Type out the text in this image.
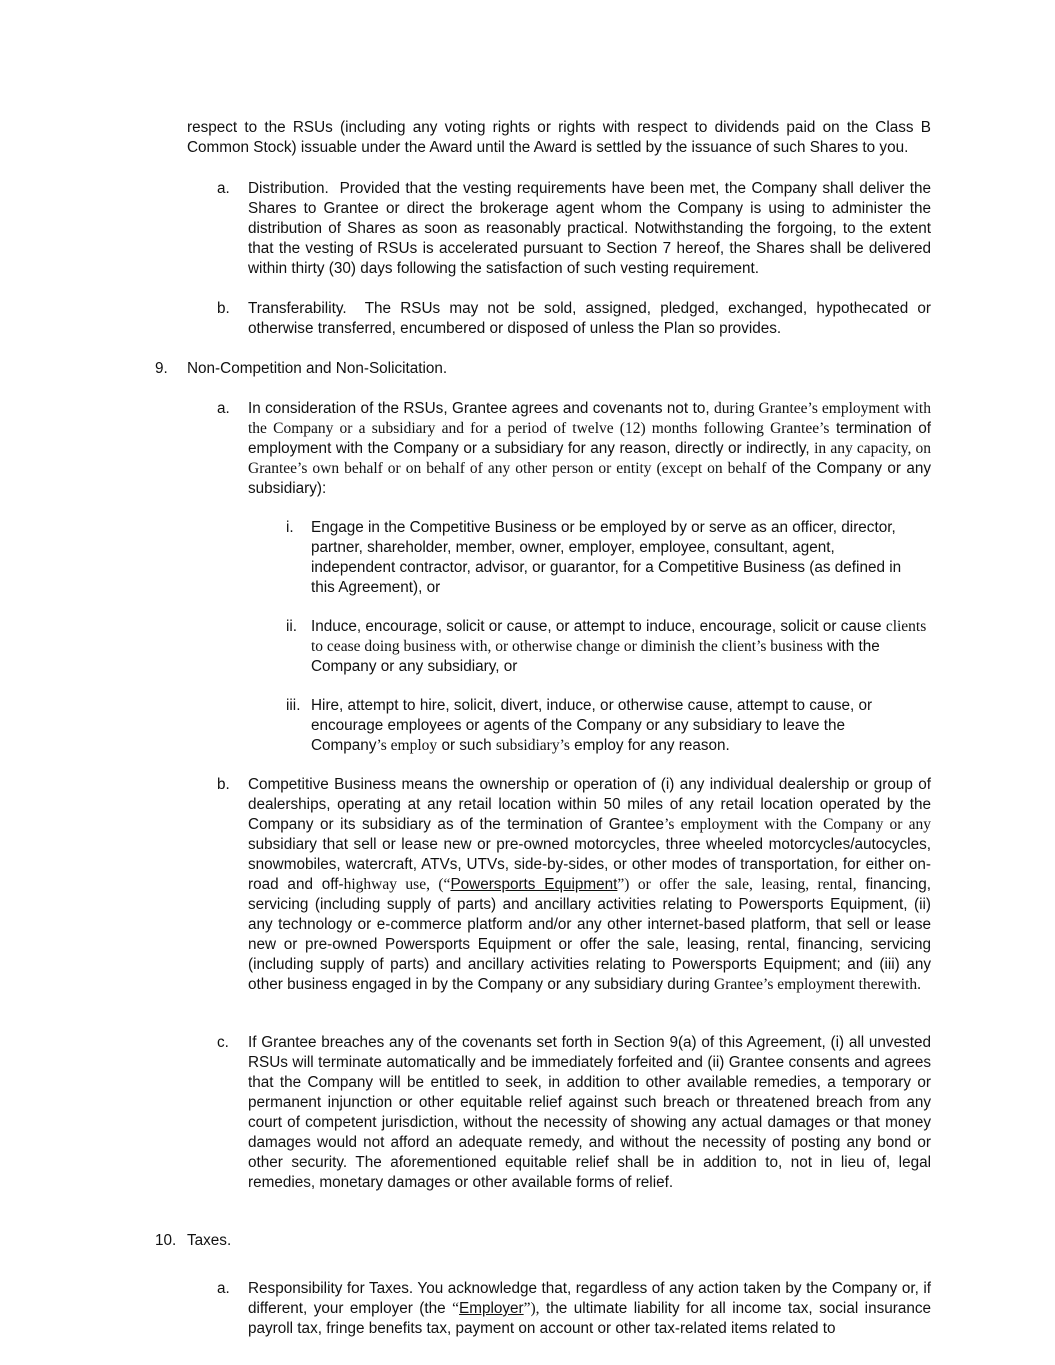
respect to the RSUs (including any voting rights or rights with respect to dividends paid on the Class B Common Stock) issuable under the Award until the Award is settled by the issuance of such Shares to you.
a. Distribution. Provided that the vesting requirements have been met, the Company shall deliver the Shares to Grantee or direct the brokerage agent whom the Company is using to administer the distribution of Shares as soon as reasonably practical. Notwithstanding the forgoing, to the extent that the vesting of RSUs is accelerated pursuant to Section 7 hereof, the Shares shall be delivered within thirty (30) days following the satisfaction of such vesting requirement.
b. Transferability. The RSUs may not be sold, assigned, pledged, exchanged, hypothecated or otherwise transferred, encumbered or disposed of unless the Plan so provides.
9. Non-Competition and Non-Solicitation.
a. In consideration of the RSUs, Grantee agrees and covenants not to, during Grantee’s employment with the Company or a subsidiary and for a period of twelve (12) months following Grantee’s termination of employment with the Company or a subsidiary for any reason, directly or indirectly, in any capacity, on Grantee’s own behalf or on behalf of any other person or entity (except on behalf of the Company or any subsidiary):
i. Engage in the Competitive Business or be employed by or serve as an officer, director, partner, shareholder, member, owner, employer, employee, consultant, agent, independent contractor, advisor, or guarantor, for a Competitive Business (as defined in this Agreement), or
ii. Induce, encourage, solicit or cause, or attempt to induce, encourage, solicit or cause clients to cease doing business with, or otherwise change or diminish the client’s business with the Company or any subsidiary, or
iii. Hire, attempt to hire, solicit, divert, induce, or otherwise cause, attempt to cause, or encourage employees or agents of the Company or any subsidiary to leave the Company’s employ or such subsidiary’s employ for any reason.
b. Competitive Business means the ownership or operation of (i) any individual dealership or group of dealerships, operating at any retail location within 50 miles of any retail location operated by the Company or its subsidiary as of the termination of Grantee’s employment with the Company or any subsidiary that sell or lease new or pre-owned motorcycles, three wheeled motorcycles/autocycles, snowmobiles, watercraft, ATVs, UTVs, side-by-sides, or other modes of transportation, for either on-road and off-highway use, (“Powersports Equipment”) or offer the sale, leasing, rental, financing, servicing (including supply of parts) and ancillary activities relating to Powersports Equipment, (ii) any technology or e-commerce platform and/or any other internet-based platform, that sell or lease new or pre-owned Powersports Equipment or offer the sale, leasing, rental, financing, servicing (including supply of parts) and ancillary activities relating to Powersports Equipment; and (iii) any other business engaged in by the Company or any subsidiary during Grantee’s employment therewith.
c. If Grantee breaches any of the covenants set forth in Section 9(a) of this Agreement, (i) all unvested RSUs will terminate automatically and be immediately forfeited and (ii) Grantee consents and agrees that the Company will be entitled to seek, in addition to other available remedies, a temporary or permanent injunction or other equitable relief against such breach or threatened breach from any court of competent jurisdiction, without the necessity of showing any actual damages or that money damages would not afford an adequate remedy, and without the necessity of posting any bond or other security. The aforementioned equitable relief shall be in addition to, not in lieu of, legal remedies, monetary damages or other available forms of relief.
10. Taxes.
a. Responsibility for Taxes. You acknowledge that, regardless of any action taken by the Company or, if different, your employer (the “Employer”), the ultimate liability for all income tax, social insurance payroll tax, fringe benefits tax, payment on account or other tax-related items related to
